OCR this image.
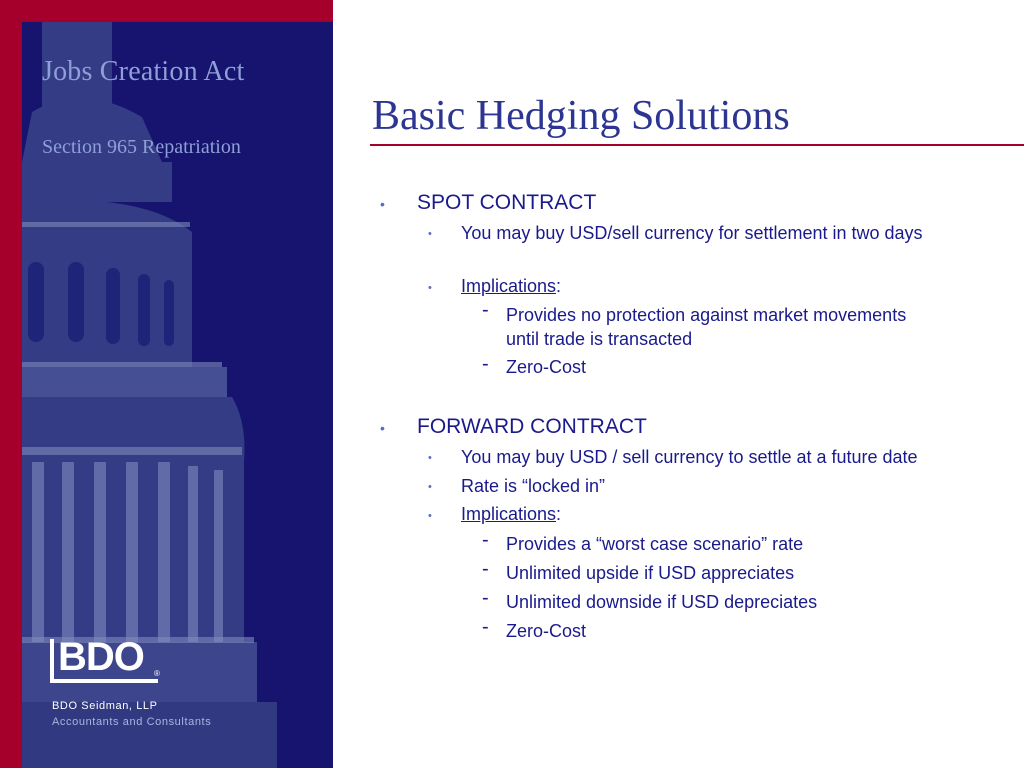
Jobs Creation Act
Section 965 Repatriation
BDO ®
BDO Seidman, LLP
Accountants and Consultants
Basic Hedging Solutions
• SPOT CONTRACT
• You may buy USD/sell currency for settlement in two days
• Implications:
- Provides no protection against market movements
until trade is transacted
- Zero-Cost
• FORWARD CONTRACT
• You may buy USD / sell currency to settle at a future date
• Rate is “locked in”
• Implications:
- Provides a “worst case scenario” rate
- Unlimited upside if USD appreciates
- Unlimited downside if USD depreciates
- Zero-Cost
